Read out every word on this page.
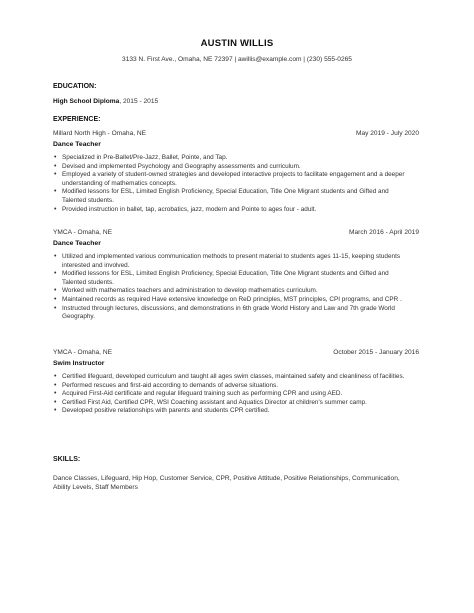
AUSTIN WILLIS
3133 N. First Ave., Omaha, NE 72397 | awillis@example.com | (230) 555-0265
EDUCATION:
High School Diploma, 2015 - 2015
EXPERIENCE:
Millard North High - Omaha, NE	May 2019 - July 2020
Dance Teacher
• Specialized in Pre-Ballet/Pre-Jazz, Ballet, Pointe, and Tap.
• Devised and implemented Psychology and Geography assessments and curriculum.
• Employed a variety of student-owned strategies and developed interactive projects to facilitate engagement and a deeper understanding of mathematics concepts.
• Modified lessons for ESL, Limited English Proficiency, Special Education, Title One Migrant students and Gifted and Talented students.
• Provided instruction in ballet, tap, acrobatics, jazz, modern and Pointe to ages four - adult.
YMCA - Omaha, NE	March 2016 - April 2019
Dance Teacher
• Utilized and implemented various communication methods to present material to students ages 11-15, keeping students interested and involved.
• Modified lessons for ESL, Limited English Proficiency, Special Education, Title One Migrant students and Gifted and Talented students.
• Worked with mathematics teachers and administration to develop mathematics curriculum.
• Maintained records as required Have extensive knowledge on ReD principles, MST principles, CPI programs, and CPR .
• Instructed through lectures, discussions, and demonstrations in 6th grade World History and Law and 7th grade World Geography.
YMCA - Omaha, NE	October 2015 - January 2016
Swim Instructor
• Certified lifeguard, developed curriculum and taught all ages swim classes, maintained safety and cleanliness of facilities.
• Performed rescues and first-aid according to demands of adverse situations.
• Acquired First-Aid certificate and regular lifeguard training such as performing CPR and using AED.
• Certified First Aid, Certified CPR, WSI Coaching assistant and Aquatics Director at children's summer camp.
• Developed positive relationships with parents and students CPR certified.
SKILLS:
Dance Classes, Lifeguard, Hip Hop, Customer Service, CPR, Positive Attitude, Positive Relationships, Communication, Ability Levels, Staff Members
